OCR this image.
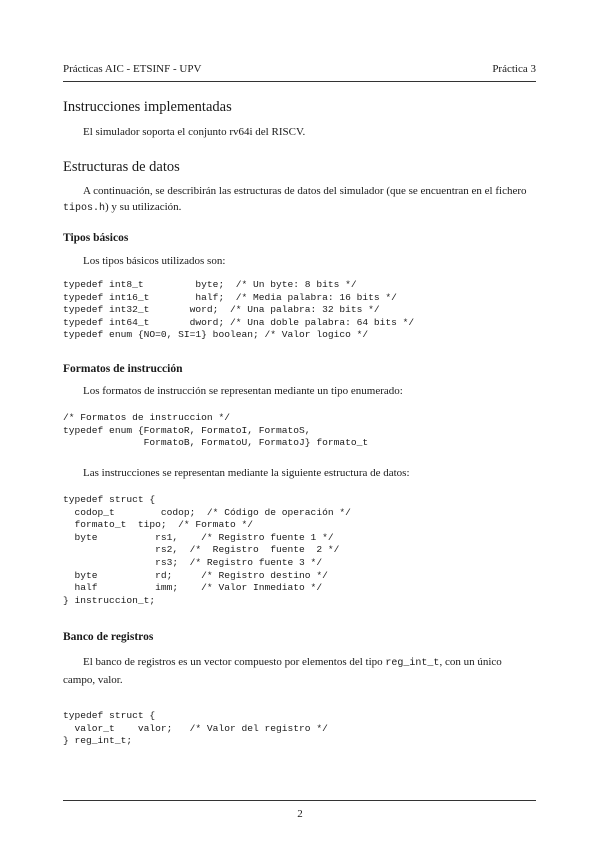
Prácticas AIC - ETSINF - UPV	Práctica 3
Instrucciones implementadas

El simulador soporta el conjunto rv64i del RISCV.

Estructuras de datos

A continuación, se describirán las estructuras de datos del simulador (que se encuentran en el fichero tipos.h) y su utilización.

Tipos básicos

Los tipos básicos utilizados son:

typedef int8_t         byte;  /* Un byte: 8 bits */
typedef int16_t        half;  /* Media palabra: 16 bits */
typedef int32_t       word;  /* Una palabra: 32 bits */
typedef int64_t       dword; /* Una doble palabra: 64 bits */
typedef enum {NO=0, SI=1} boolean; /* Valor logico */
Formatos de instrucción

Los formatos de instrucción se representan mediante un tipo enumerado:

/* Formatos de instruccion */
typedef enum {FormatoR, FormatoI, FormatoS,
FormatoB, FormatoU, FormatoJ} formato_t

Las instrucciones se representan mediante la siguiente estructura de datos:

typedef struct {
codop_t        codop;  /* Código de operación */
formato_t  tipo;  /* Formato */
byte          rs1,    /* Registro fuente 1 */
rs2,  /*  Registro  fuente  2 */
rs3;  /* Registro fuente 3 */
byte          rd;     /* Registro destino */
half          imm;    /* Valor Inmediato */
} instruccion_t;
Banco de registros

El banco de registros es un vector compuesto por elementos del tipo reg_int_t, con un único campo, valor.

typedef struct {
valor_t    valor;   /* Valor del registro */
} reg_int_t;
2
